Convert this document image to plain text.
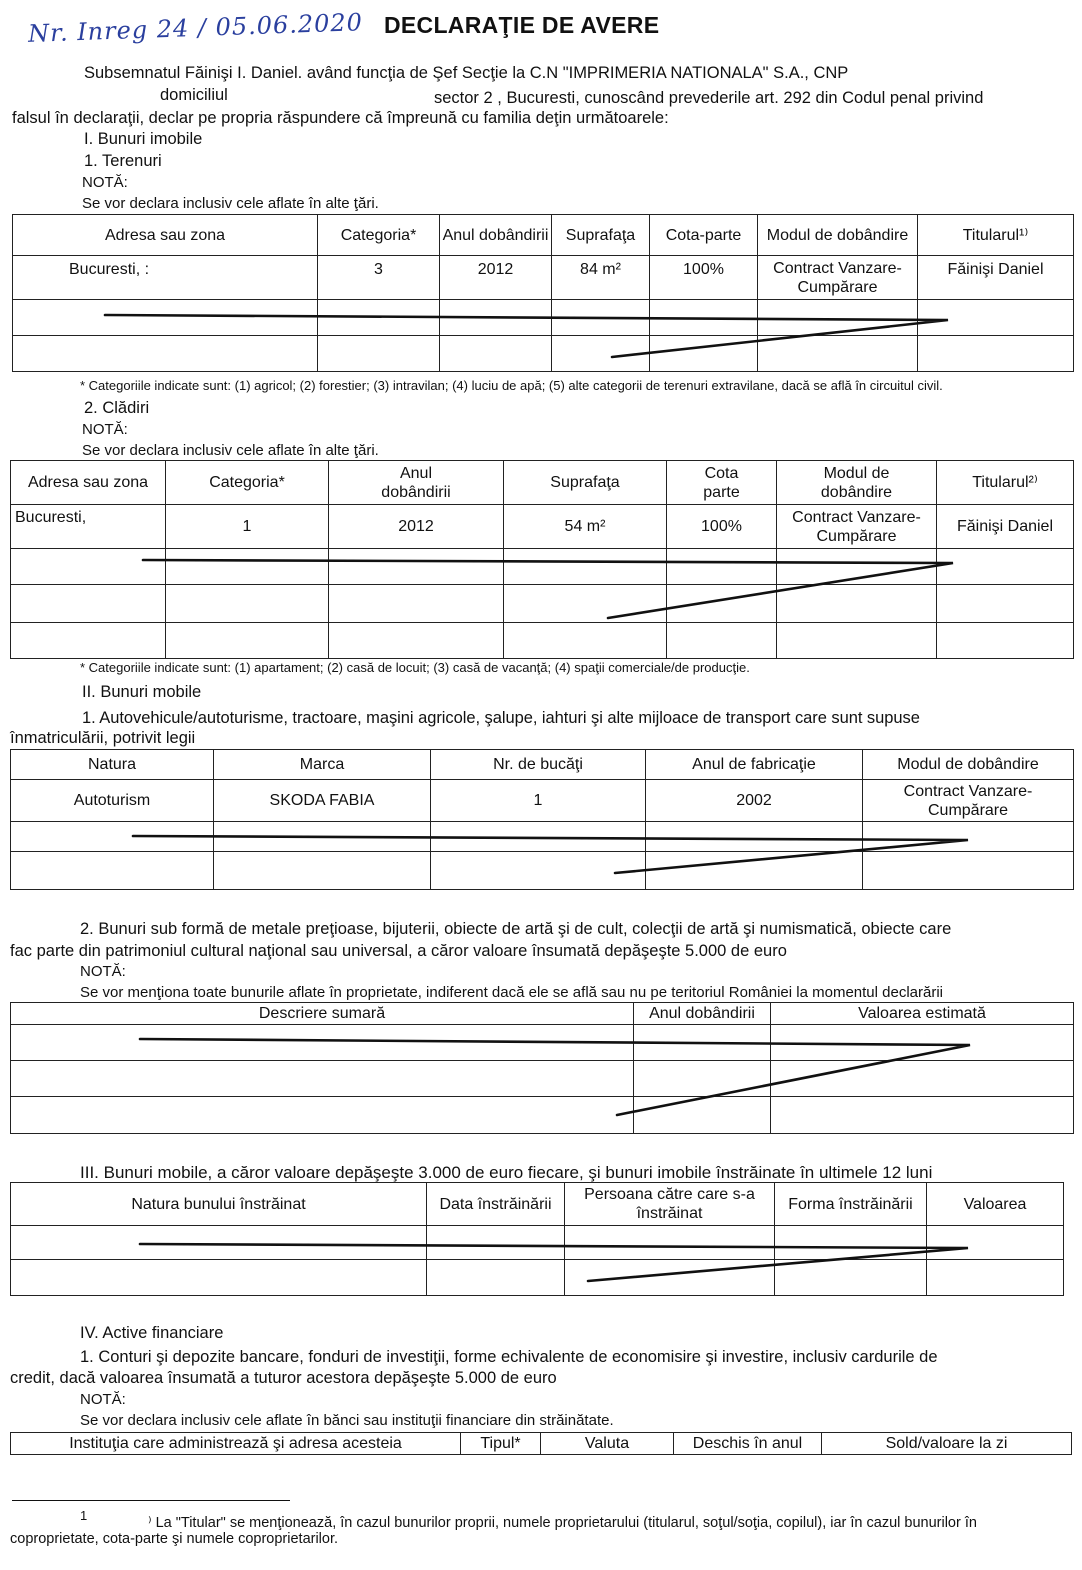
Nr. Inreg 24 / 05.06.2020 DECLARAŢIE DE AVERE
Subsemnatul Făinişi I. Daniel. având funcţia de Şef Secţie la C.N "IMPRIMERIA NATIONALA" S.A., CNP
domiciliul	sector 2 , Bucuresti, cunoscând prevederile art. 292 din Codul penal privind
falsul în declaraţii, declar pe propria răspundere că împreună cu familia deţin următoarele:
I. Bunuri imobile
1. Terenuri
NOTĂ:
Se vor declara inclusiv cele aflate în alte ţări.
Adresa sau zona	Categoria*	Anul dobândirii	Suprafaţa	Cota-parte	Modul de dobândire	Titularul¹⁾
Bucuresti, :	3	2012	84 m²	100%	Contract Vanzare-Cumpărare	Făinişi Daniel

* Categoriile indicate sunt: (1) agricol; (2) forestier; (3) intravilan; (4) luciu de apă; (5) alte categorii de terenuri extravilane, dacă se află în circuitul civil.
2. Clădiri
NOTĂ:
Se vor declara inclusiv cele aflate în alte ţări.
Adresa sau zona	Categoria*	Anul dobândirii	Suprafaţa	Cota parte	Modul de dobândire	Titularul²⁾
Bucuresti,	1	2012	54 m²	100%	Contract Vanzare-Cumpărare	Făinişi Daniel

* Categoriile indicate sunt: (1) apartament; (2) casă de locuit; (3) casă de vacanţă; (4) spaţii comerciale/de producţie.
II. Bunuri mobile
1. Autovehicule/autoturisme, tractoare, maşini agricole, şalupe, iahturi şi alte mijloace de transport care sunt supuse
înmatriculării, potrivit legii
Natura	Marca	Nr. de bucăţi	Anul de fabricaţie	Modul de dobândire
Autoturism	SKODA FABIA	1	2002	Contract Vanzare-Cumpărare

2. Bunuri sub formă de metale preţioase, bijuterii, obiecte de artă şi de cult, colecţii de artă şi numismatică, obiecte care
fac parte din patrimoniul cultural naţional sau universal, a căror valoare însumată depăşeşte 5.000 de euro
NOTĂ:
Se vor menţiona toate bunurile aflate în proprietate, indiferent dacă ele se află sau nu pe teritoriul României la momentul declarării
Descriere sumară	Anul dobândirii	Valoarea estimată

III. Bunuri mobile, a căror valoare depăşeşte 3.000 de euro fiecare, şi bunuri imobile înstrăinate în ultimele 12 luni
Natura bunului înstrăinat	Data înstrăinării	Persoana către care s-a înstrăinat	Forma înstrăinării	Valoarea

IV. Active financiare
1. Conturi şi depozite bancare, fonduri de investiţii, forme echivalente de economisire şi investire, inclusiv cardurile de
credit, dacă valoarea însumată a tuturor acestora depăşeşte 5.000 de euro
NOTĂ:
Se vor declara inclusiv cele aflate în bănci sau instituţii financiare din străinătate.
Instituţia care administrează şi adresa acesteia	Tipul*	Valuta	Deschis în anul	Sold/valoare la zi
1	⁾ La "Titular" se menţionează, în cazul bunurilor proprii, numele proprietarului (titularul, soţul/soţia, copilul), iar în cazul bunurilor în
coproprietate, cota-parte şi numele coproprietarilor.
